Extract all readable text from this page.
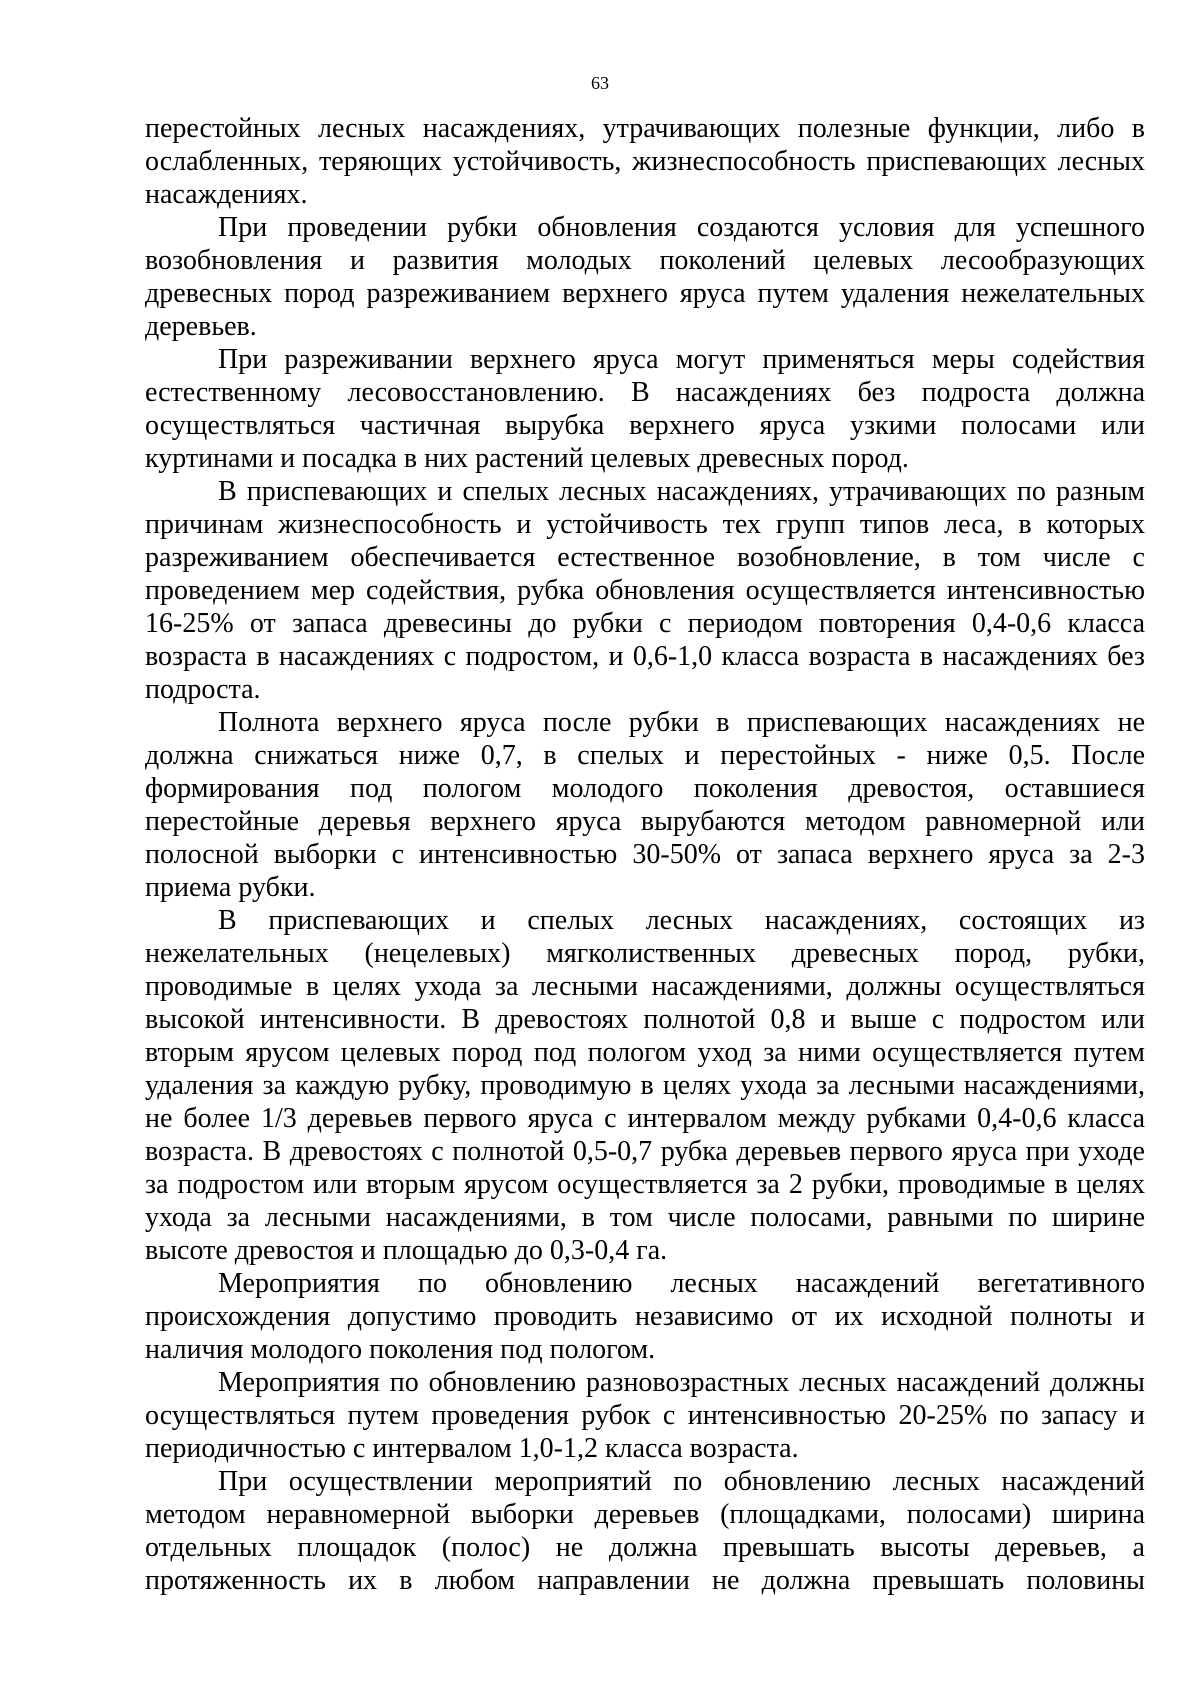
63

перестойных лесных насаждениях, утрачивающих полезные функции, либо в ослабленных, теряющих устойчивость, жизнеспособность приспевающих лесных насаждениях.

При проведении рубки обновления создаются условия для успешного возобновления и развития молодых поколений целевых лесообразующих древесных пород разреживанием верхнего яруса путем удаления нежелательных деревьев.

При разреживании верхнего яруса могут применяться меры содействия естественному лесовосстановлению. В насаждениях без подроста должна осуществляться частичная вырубка верхнего яруса узкими полосами или куртинами и посадка в них растений целевых древесных пород.

В приспевающих и спелых лесных насаждениях, утрачивающих по разным причинам жизнеспособность и устойчивость тех групп типов леса, в которых разреживанием обеспечивается естественное возобновление, в том числе с проведением мер содействия, рубка обновления осуществляется интенсивностью 16-25% от запаса древесины до рубки с периодом повторения 0,4-0,6 класса возраста в насаждениях с подростом, и 0,6-1,0 класса возраста в насаждениях без подроста.

Полнота верхнего яруса после рубки в приспевающих насаждениях не должна снижаться ниже 0,7, в спелых и перестойных - ниже 0,5. После формирования под пологом молодого поколения древостоя, оставшиеся перестойные деревья верхнего яруса вырубаются методом равномерной или полосной выборки с интенсивностью 30-50% от запаса верхнего яруса за 2-3 приема рубки.

В приспевающих и спелых лесных насаждениях, состоящих из нежелательных (нецелевых) мягколиственных древесных пород, рубки, проводимые в целях ухода за лесными насаждениями, должны осуществляться высокой интенсивности. В древостоях полнотой 0,8 и выше с подростом или вторым ярусом целевых пород под пологом уход за ними осуществляется путем удаления за каждую рубку, проводимую в целях ухода за лесными насаждениями, не более 1/3 деревьев первого яруса с интервалом между рубками 0,4-0,6 класса возраста. В древостоях с полнотой 0,5-0,7 рубка деревьев первого яруса при уходе за подростом или вторым ярусом осуществляется за 2 рубки, проводимые в целях ухода за лесными насаждениями, в том числе полосами, равными по ширине высоте древостоя и площадью до 0,3-0,4 га.

Мероприятия по обновлению лесных насаждений вегетативного происхождения допустимо проводить независимо от их исходной полноты и наличия молодого поколения под пологом.

Мероприятия по обновлению разновозрастных лесных насаждений должны осуществляться путем проведения рубок с интенсивностью 20-25% по запасу и периодичностью с интервалом 1,0-1,2 класса возраста.

При осуществлении мероприятий по обновлению лесных насаждений методом неравномерной выборки деревьев (площадками, полосами) ширина отдельных площадок (полос) не должна превышать высоты деревьев, а протяженность их в любом направлении не должна превышать половины
